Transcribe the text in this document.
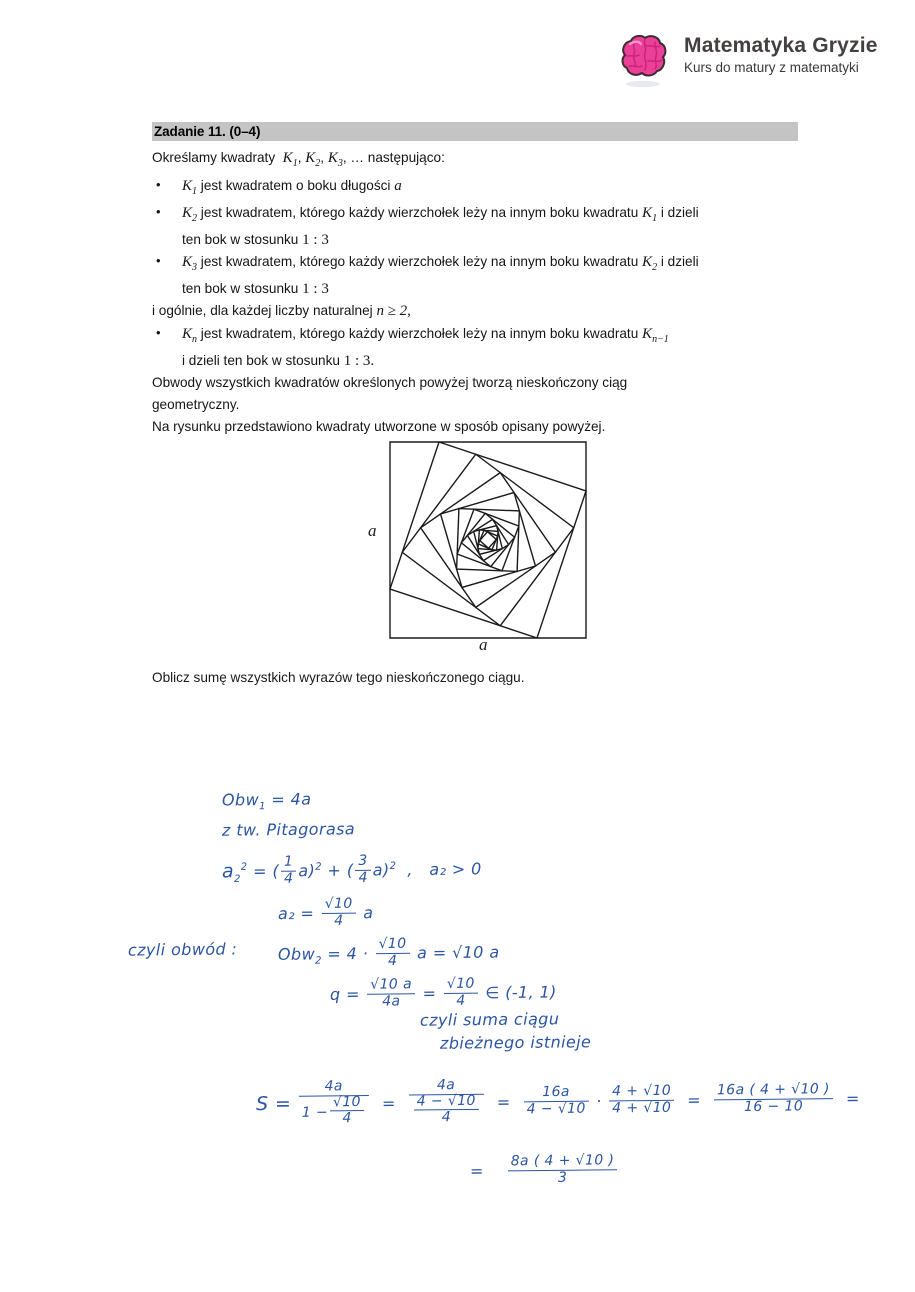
Matematyka Gryzie
Kurs do matury z matematyki
Zadanie 11. (0–4)

Określamy kwadraty  $K_1$, $K_2$, $K_3$, … następująco:

• $K_1$ jest kwadratem o boku długości a
• $K_2$ jest kwadratem, którego każdy wierzchołek leży na innym boku kwadratu $K_1$ i dzieli
ten bok w stosunku 1 : 3
• $K_3$ jest kwadratem, którego każdy wierzchołek leży na innym boku kwadratu $K_2$ i dzieli
ten bok w stosunku 1 : 3

i ogólnie, dla każdej liczby naturalnej n ≥ 2,

• $K_n$ jest kwadratem, którego każdy wierzchołek leży na innym boku kwadratu $K_{n-1}$
i dzieli ten bok w stosunku 1 : 3.

Obwody wszystkich kwadratów określonych powyżej tworzą nieskończony ciąg

geometryczny.

Na rysunku przedstawiono kwadraty utworzone w sposób opisany powyżej.

a
a
Oblicz sumę wszystkich wyrazów tego nieskończonego ciągu.
Obw$_1$ = 4a
z tw. Pitagorasa
$a_2^2$ = ( $\frac{1}{4} a)^2$ + ( $\frac{3}{4} a)^2$  ,   a₂ > 0
$a_2 = \frac{√10}{4}$ a
czyli obwód :	$Obw_2 = 4 \cdot \frac{√10}{4}$ a = √10 a
$q = \frac{√10 a}{4a} = \frac{√10}{4}$ ∈ (-1, 1)
czyli suma ciągu
zbieżnego istnieje
$S = \frac{4a}{1 - \frac{√10}{4}} = \frac{4a}{\frac{4 - √10}{4}} = \frac{16a}{4 - √10} \cdot \frac{4 + √10}{4 + √10} = \frac{16a ( 4 + √10 )}{16 - 10}$ =
= $\frac{8a ( 4 + √10 )}{3}$
